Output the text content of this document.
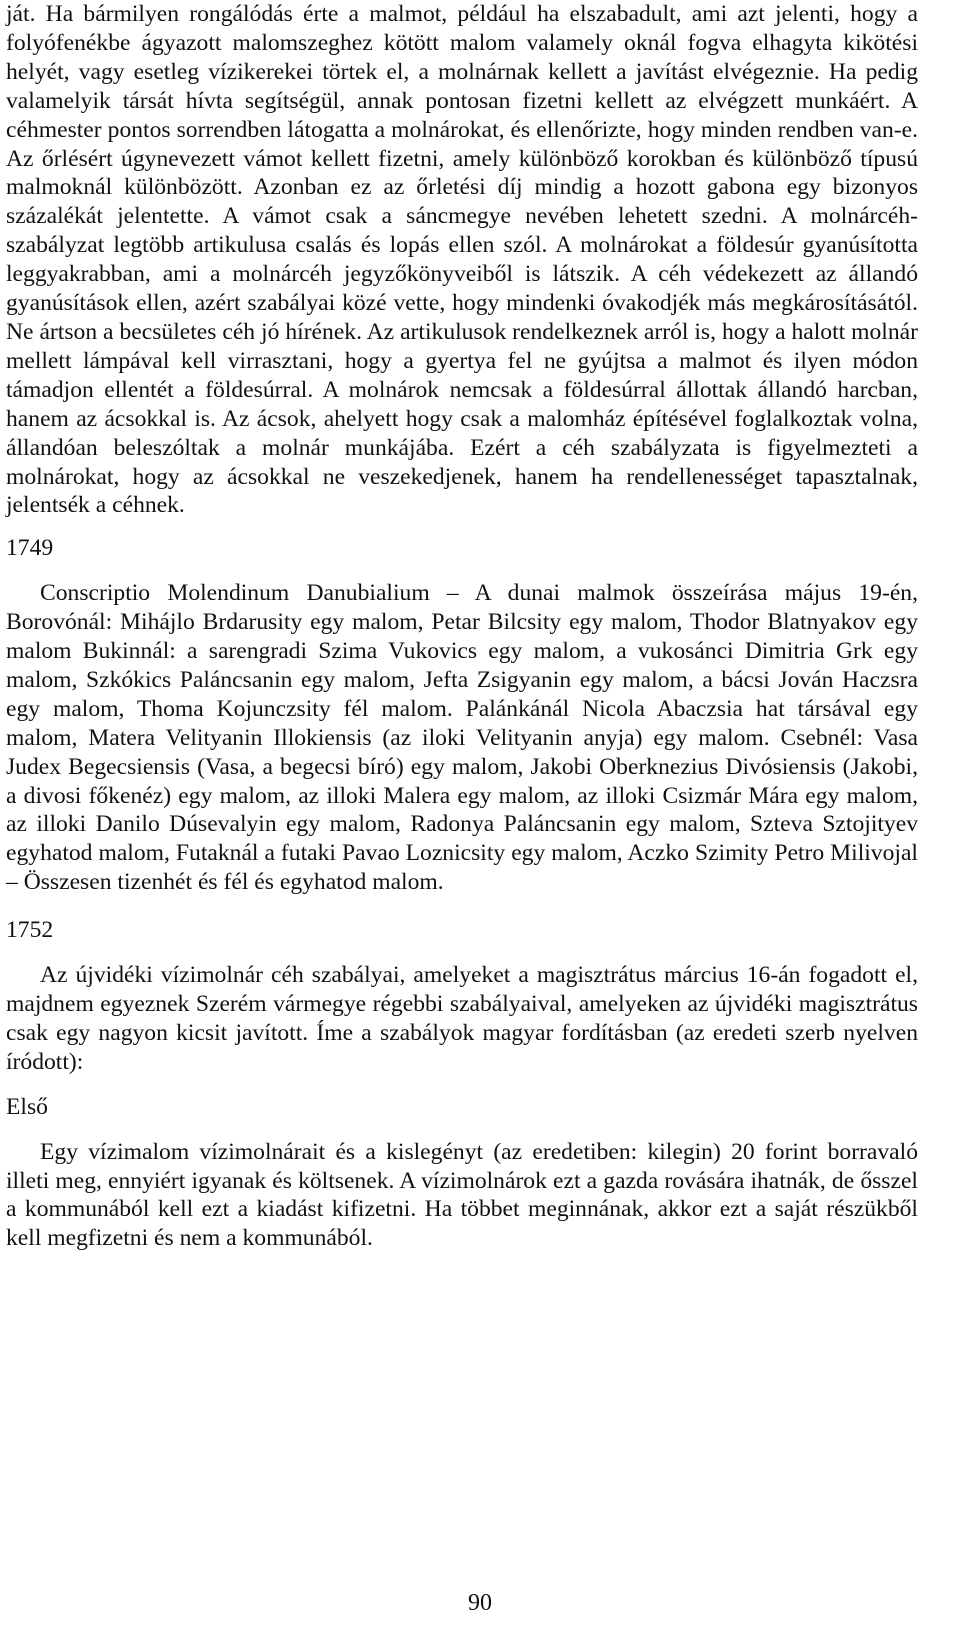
ját. Ha bármilyen rongálódás érte a malmot, például ha elszabadult, ami azt jelenti, hogy a folyófenékbe ágyazott malomszeghez kötött malom valamely oknál fogva elhagyta kikötési helyét, vagy esetleg vízikerekei törtek el, a molnárnak kellett a javítást elvégeznie. Ha pedig valamelyik társát hívta segítségül, annak pontosan fizetni kellett az elvégzett munkáért. A céhmester pontos sorrendben látogatta a molnárokat, és ellenőrizte, hogy minden rendben van-e. Az őrlésért úgynevezett vámot kellett fizetni, amely különböző korokban és különböző típusú malmoknál különbözött. Azonban ez az őrletési díj mindig a hozott gabona egy bizonyos százalékát jelentette. A vámot csak a sáncmegye nevében lehetett szedni. A molnárcéh-szabályzat legtöbb artikulusa csalás és lopás ellen szól. A molnárokat a földesúr gyanúsította leggyakrabban, ami a molnárcéh jegyzőkönyveiből is látszik. A céh védekezett az állandó gyanúsítások ellen, azért szabályai közé vette, hogy mindenki óvakodjék más megkárosításától. Ne ártson a becsületes céh jó hírének. Az artikulusok rendelkeznek arról is, hogy a halott molnár mellett lámpával kell virrasztani, hogy a gyertya fel ne gyújtsa a malmot és ilyen módon támadjon ellentét a földesúrral. A molnárok nemcsak a földesúrral állottak állandó harcban, hanem az ácsokkal is. Az ácsok, ahelyett hogy csak a malomház építésével foglalkoztak volna, állandóan beleszóltak a molnár munkájába. Ezért a céh szabályzata is figyelmezteti a molnárokat, hogy az ácsokkal ne veszekedjenek, hanem ha rendellenességet tapasztalnak, jelentsék a céhnek.

1749

Conscriptio Molendinum Danubialium – A dunai malmok összeírása május 19-én, Borovónál: Mihájlo Brdarusity egy malom, Petar Bilcsity egy malom, Thodor Blatnyakov egy malom Bukinnál: a sarengradi Szima Vukovics egy malom, a vukosánci Dimitria Grk egy malom, Szkókics Paláncsanin egy malom, Jefta Zsigyanin egy malom, a bácsi Jován Haczsra egy malom, Thoma Kojunczsity fél malom. Palánkánál Nicola Abaczsia hat társával egy malom, Matera Velityanin Illokiensis (az iloki Velityanin anyja) egy malom. Csebnél: Vasa Judex Begecsiensis (Vasa, a begecsi bíró) egy malom, Jakobi Oberknezius Divósiensis (Jakobi, a divosi főkenéz) egy malom, az illoki Malera egy malom, az illoki Csizmár Mára egy malom, az illoki Danilo Dúsevalyin egy malom, Radonya Paláncsanin egy malom, Szteva Sztojityev egyhatod malom, Futaknál a futaki Pavao Loznicsity egy malom, Aczko Szimity Petro Milivojal – Összesen tizenhét és fél és egyhatod malom.

1752

Az újvidéki vízimolnár céh szabályai, amelyeket a magisztrátus március 16-án fogadott el, majdnem egyeznek Szerém vármegye régebbi szabályaival, amelyeken az újvidéki magisztrátus csak egy nagyon kicsit javított. Íme a szabályok magyar fordításban (az eredeti szerb nyelven íródott):

Első

Egy vízimalom vízimolnárait és a kislegényt (az eredetiben: kilegin) 20 forint borravaló illeti meg, ennyiért igyanak és költsenek. A vízimolnárok ezt a gazda rovására ihatnák, de ősszel a kommunából kell ezt a kiadást kifizetni. Ha többet meginnának, akkor ezt a saját részükből kell megfizetni és nem a kommunából.

90
